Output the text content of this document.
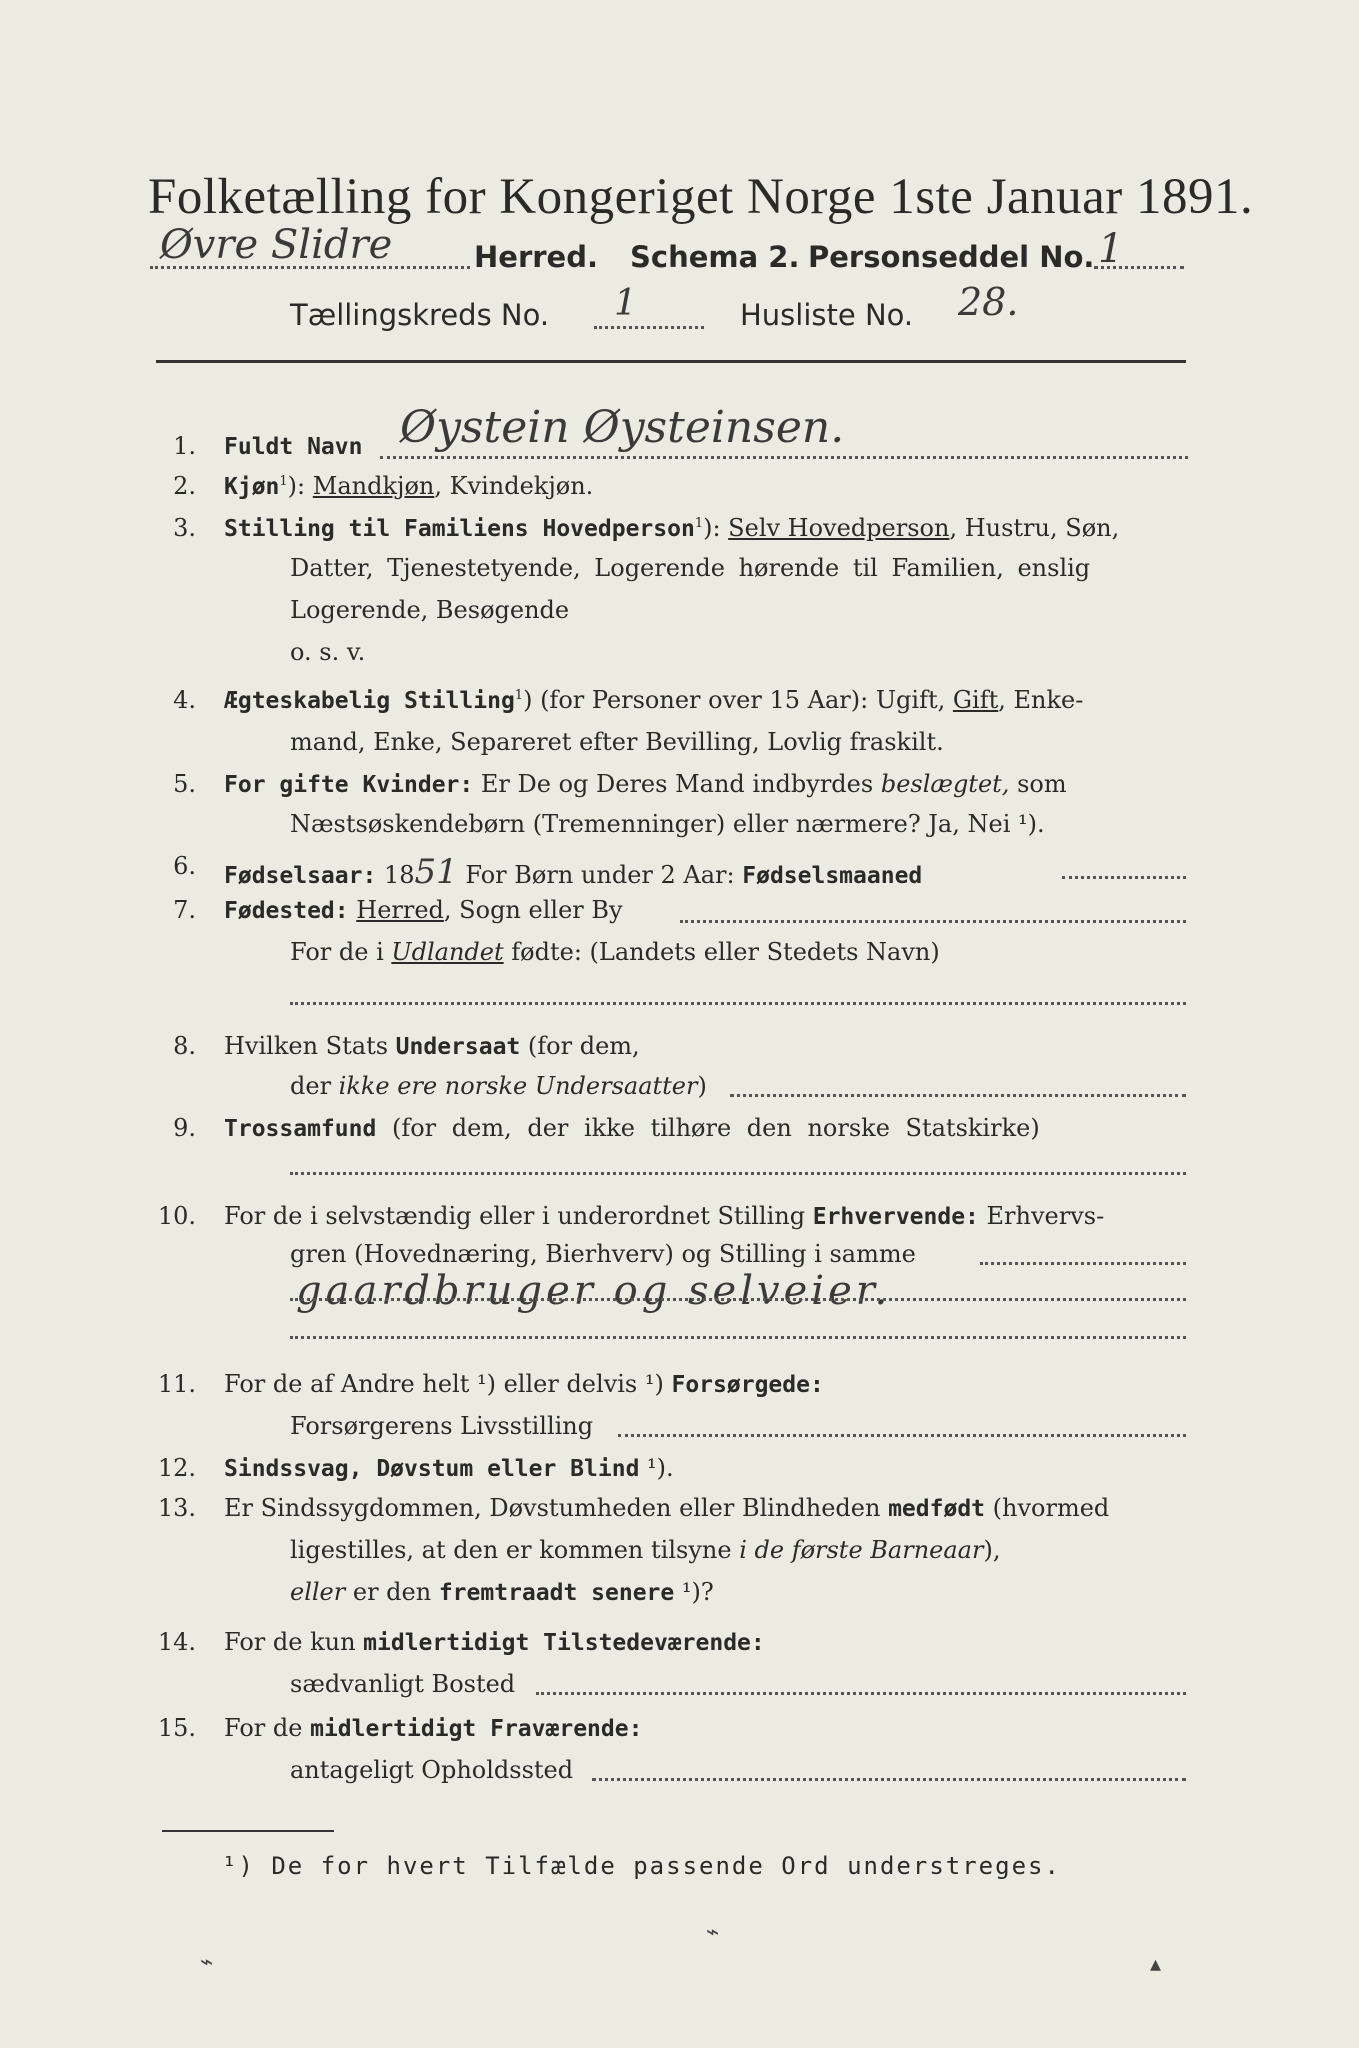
Folketælling for Kongeriget Norge 1ste Januar 1891.
Øvre Slidre	Herred. Schema 2. Personseddel No. 1
Tællingskreds No. 1	Husliste No. 28.
1. Fuldt Navn Øystein Øysteinsen.
2. Kjøn$^1$): Mandkjøn, Kvindekjøn.
3. Stilling til Familiens Hovedperson$^1$): Selv Hovedperson, Hustru, Søn,
Datter, Tjenestetyende, Logerende hørende til Familien, enslig
Logerende, Besøgende
o. s. v.
4. Ægteskabelig Stilling$^1$) (for Personer over 15 Aar): Ugift, Gift, Enke-
mand, Enke, Separeret efter Bevilling, Lovlig fraskilt.
5. For gifte Kvinder: Er De og Deres Mand indbyrdes beslægtet, som
Næstsøskendebørn (Tremenninger) eller nærmere? Ja, Nei ¹).
6. Fødselsaar: 1851 For Børn under 2 Aar: Fødselsmaaned
7. Fødested: Herred, Sogn eller By
For de i Udlandet fødte: (Landets eller Stedets Navn)
8. Hvilken Stats Undersaat (for dem,
der ikke ere norske Undersaatter)
9. Trossamfund (for dem, der ikke tilhøre den norske Statskirke)
10. For de i selvstændig eller i underordnet Stilling Erhvervende: Erhvervs-
gren (Hovednæring, Bierhverv) og Stilling i samme
gaardbruger og selveier.
11. For de af Andre helt ¹) eller delvis ¹) Forsørgede:
Forsørgerens Livsstilling
12. Sindssvag, Døvstum eller Blind ¹).
13. Er Sindssygdommen, Døvstumheden eller Blindheden medfødt (hvormed
ligestilles, at den er kommen tilsyne i de første Barneaar),
eller er den fremtraadt senere ¹)?
14. For de kun midlertidigt Tilstedeværende:
sædvanligt Bosted
15. For de midlertidigt Fraværende:
antageligt Opholdssted
¹) De for hvert Tilfælde passende Ord understreges.
⌁
⌁
▴
